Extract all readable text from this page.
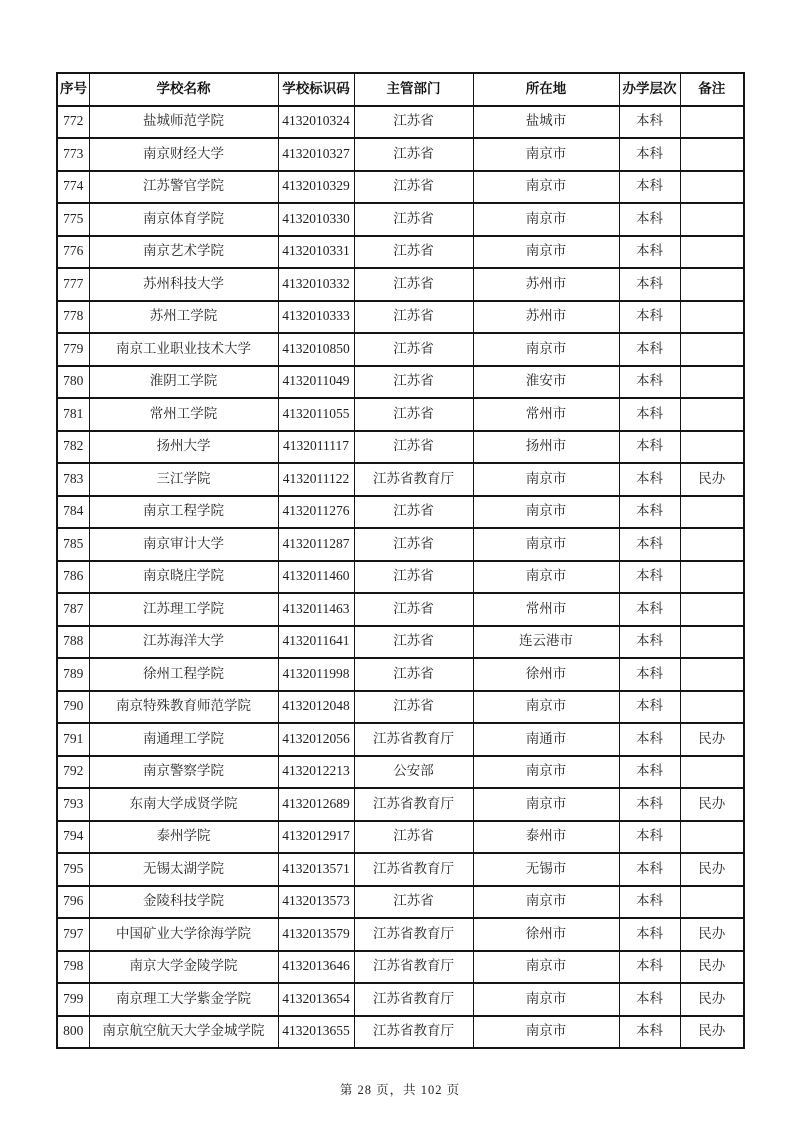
序号	学校名称	学校标识码	主管部门	所在地	办学层次	备注
772	盐城师范学院	4132010324	江苏省	盐城市	本科	
773	南京财经大学	4132010327	江苏省	南京市	本科	
774	江苏警官学院	4132010329	江苏省	南京市	本科	
775	南京体育学院	4132010330	江苏省	南京市	本科	
776	南京艺术学院	4132010331	江苏省	南京市	本科	
777	苏州科技大学	4132010332	江苏省	苏州市	本科	
778	苏州工学院	4132010333	江苏省	苏州市	本科	
779	南京工业职业技术大学	4132010850	江苏省	南京市	本科	
780	淮阴工学院	4132011049	江苏省	淮安市	本科	
781	常州工学院	4132011055	江苏省	常州市	本科	
782	扬州大学	4132011117	江苏省	扬州市	本科	
783	三江学院	4132011122	江苏省教育厅	南京市	本科	民办
784	南京工程学院	4132011276	江苏省	南京市	本科	
785	南京审计大学	4132011287	江苏省	南京市	本科	
786	南京晓庄学院	4132011460	江苏省	南京市	本科	
787	江苏理工学院	4132011463	江苏省	常州市	本科	
788	江苏海洋大学	4132011641	江苏省	连云港市	本科	
789	徐州工程学院	4132011998	江苏省	徐州市	本科	
790	南京特殊教育师范学院	4132012048	江苏省	南京市	本科	
791	南通理工学院	4132012056	江苏省教育厅	南通市	本科	民办
792	南京警察学院	4132012213	公安部	南京市	本科	
793	东南大学成贤学院	4132012689	江苏省教育厅	南京市	本科	民办
794	泰州学院	4132012917	江苏省	泰州市	本科	
795	无锡太湖学院	4132013571	江苏省教育厅	无锡市	本科	民办
796	金陵科技学院	4132013573	江苏省	南京市	本科	
797	中国矿业大学徐海学院	4132013579	江苏省教育厅	徐州市	本科	民办
798	南京大学金陵学院	4132013646	江苏省教育厅	南京市	本科	民办
799	南京理工大学紫金学院	4132013654	江苏省教育厅	南京市	本科	民办
800	南京航空航天大学金城学院	4132013655	江苏省教育厅	南京市	本科	民办
第 28 页，共 102 页
